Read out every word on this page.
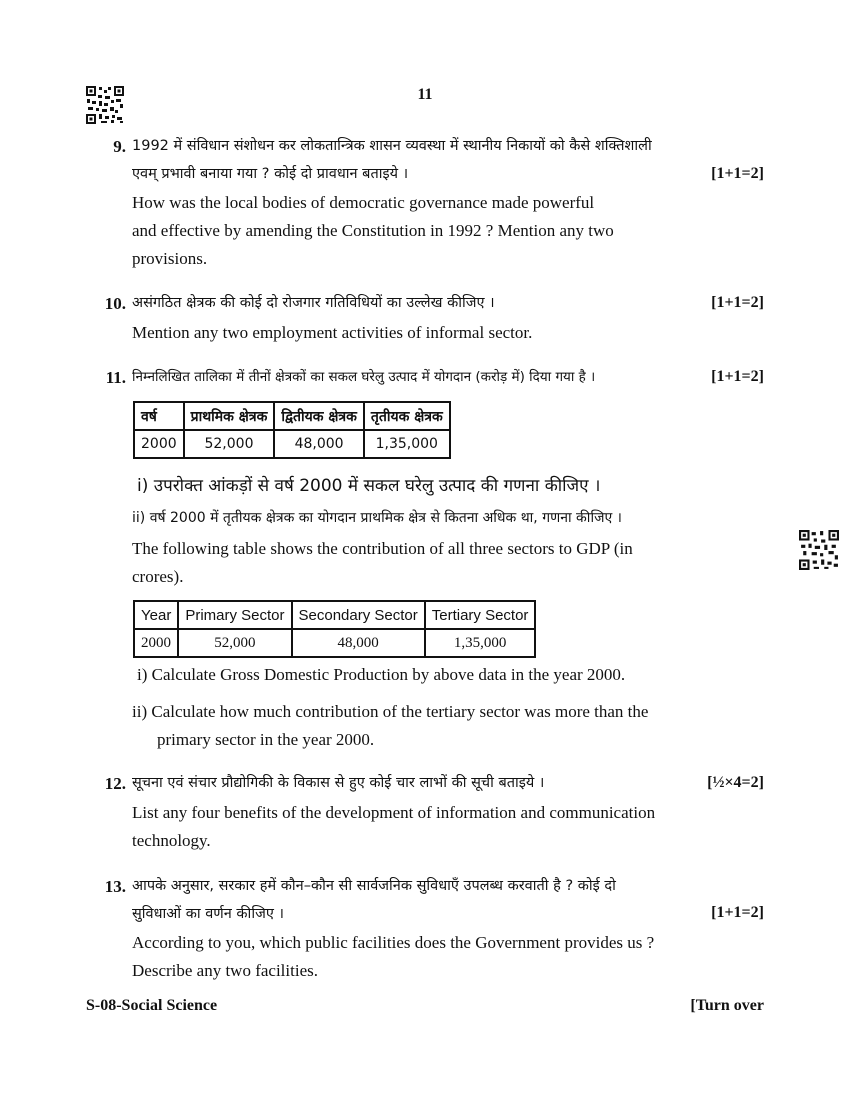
11
9. 1992 में संविधान संशोधन कर लोकतान्त्रिक शासन व्यवस्था में स्थानीय निकायों को कैसे शक्तिशाली
एवम् प्रभावी बनाया गया ? कोई दो प्रावधान बताइये ।	[1+1=2]
How was the local bodies of democratic governance made powerful
and effective by amending the Constitution in 1992 ? Mention any two
provisions.
10. असंगठित क्षेत्रक की कोई दो रोजगार गतिविधियों का उल्लेख कीजिए ।	[1+1=2]
Mention any two employment activities of informal sector.
11. निम्नलिखित तालिका में तीनों क्षेत्रकों का सकल घरेलु उत्पाद में योगदान (करोड़ में) दिया गया है ।	[1+1=2]
वर्ष	प्राथमिक क्षेत्रक	द्वितीयक क्षेत्रक	तृतीयक क्षेत्रक
2000	52,000	48,000	1,35,000
i) उपरोक्त आंकड़ों से वर्ष 2000 में सकल घरेलु उत्पाद की गणना कीजिए ।
ii) वर्ष 2000 में तृतीयक क्षेत्रक का योगदान प्राथमिक क्षेत्र से कितना अधिक था, गणना कीजिए ।
The following table shows the contribution of all three sectors to GDP (in
crores).
Year	Primary Sector	Secondary Sector	Tertiary Sector
2000	52,000	48,000	1,35,000
i) Calculate Gross Domestic Production by above data in the year 2000.
ii) Calculate how much contribution of the tertiary sector was more than the
primary sector in the year 2000.
12. सूचना एवं संचार प्रौद्योगिकी के विकास से हुए कोई चार लाभों की सूची बताइये ।	[½×4=2]
List any four benefits of the development of information and communication
technology.
13. आपके अनुसार, सरकार हमें कौन–कौन सी सार्वजनिक सुविधाएँ उपलब्ध करवाती है ? कोई दो
सुविधाओं का वर्णन कीजिए ।	[1+1=2]
According to you, which public facilities does the Government provides us ?
Describe any two facilities.
S-08-Social Science	[Turn over
